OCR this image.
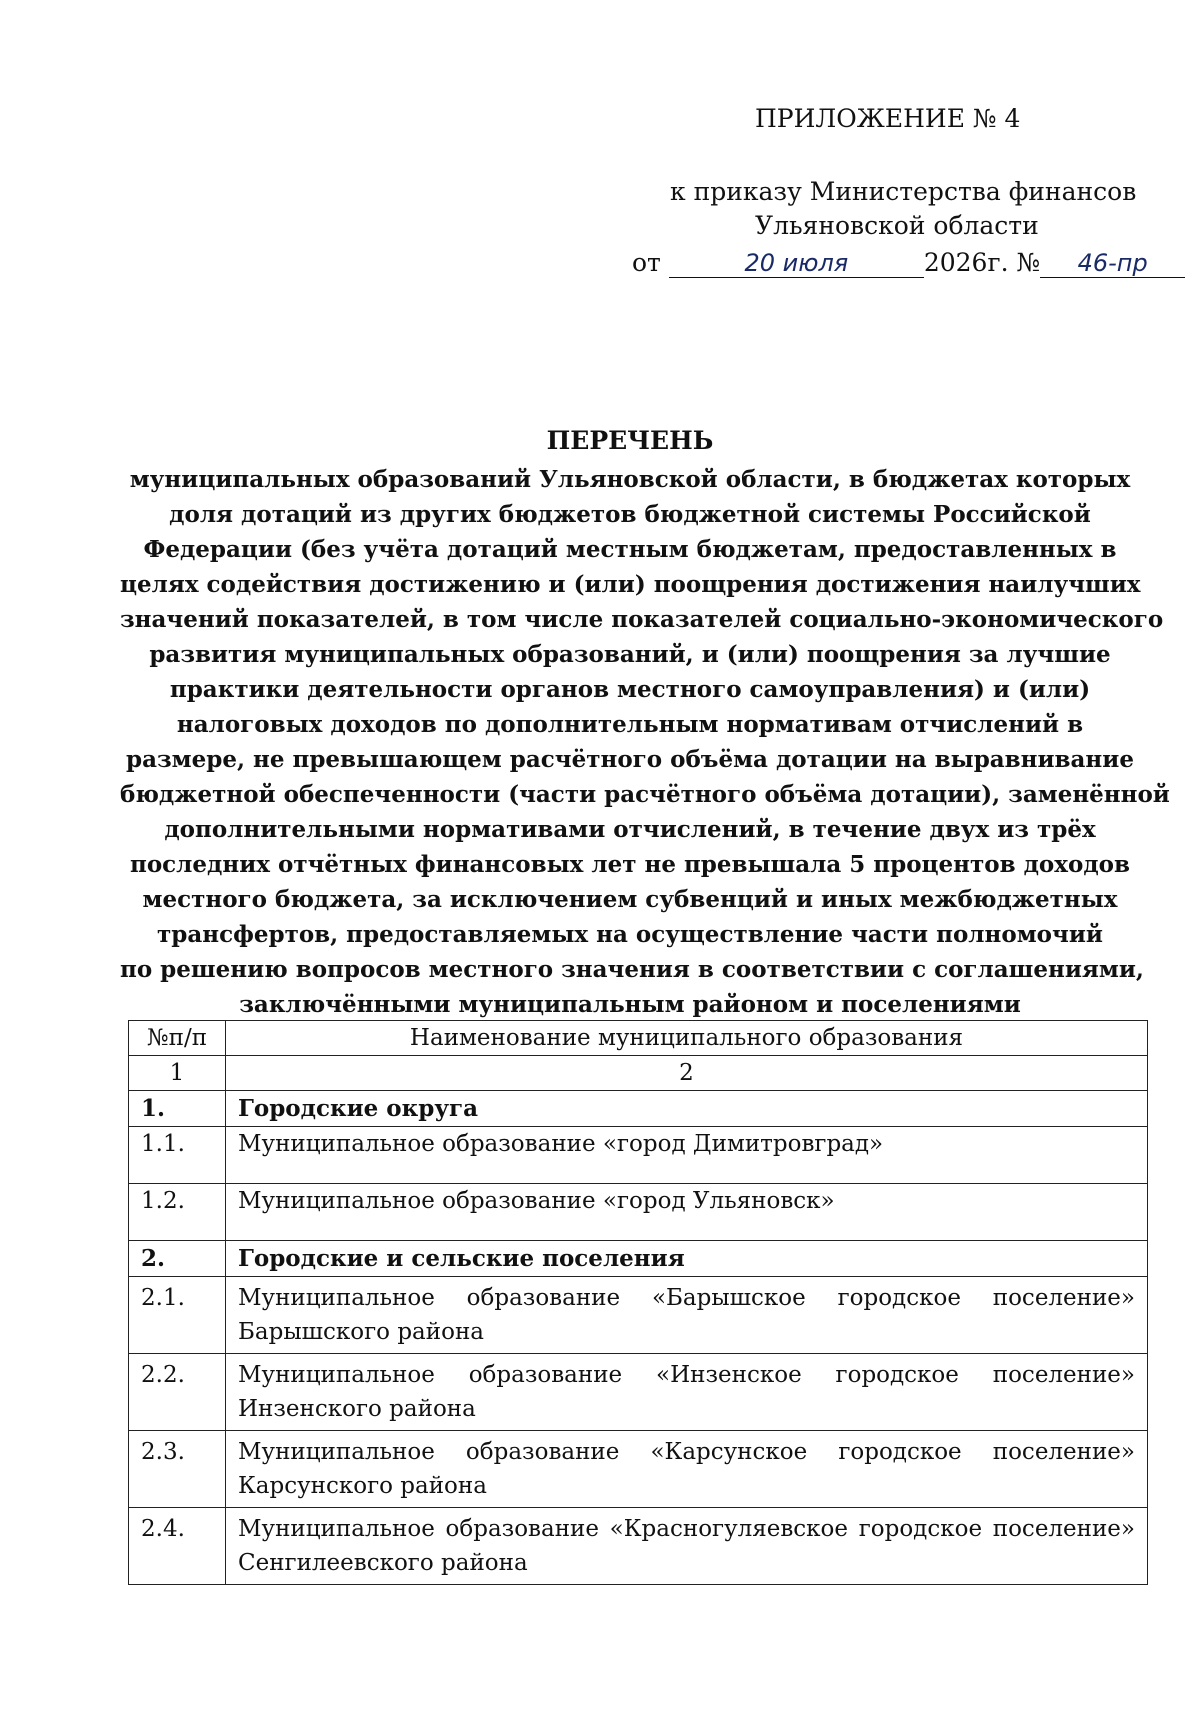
ПРИЛОЖЕНИЕ № 4
к приказу Министерства финансов
Ульяновской области
от	20 июля	2026г. № 46-пр
ПЕРЕЧЕНЬ
муниципальных образований Ульяновской области, в бюджетах которых
доля дотаций из других бюджетов бюджетной системы Российской
Федерации (без учёта дотаций местным бюджетам, предоставленных в
целях содействия достижению и (или) поощрения достижения наилучших
значений показателей, в том числе показателей социально-экономического
развития муниципальных образований, и (или) поощрения за лучшие
практики деятельности органов местного самоуправления) и (или)
налоговых доходов по дополнительным нормативам отчислений в
размере, не превышающем расчётного объёма дотации на выравнивание
бюджетной обеспеченности (части расчётного объёма дотации), заменённой
дополнительными нормативами отчислений, в течение двух из трёх
последних отчётных финансовых лет не превышала 5 процентов доходов
местного бюджета, за исключением субвенций и иных межбюджетных
трансфертов, предоставляемых на осуществление части полномочий
по решению вопросов местного значения в соответствии с соглашениями,
заключёнными муниципальным районом и поселениями
№п/п	Наименование муниципального образования
1	2
1.	Городские округа
1.1.	Муниципальное образование «город Димитровград»
1.2.	Муниципальное образование «город Ульяновск»
2.	Городские и сельские поселения
2.1.	Муниципальное образование «Барышское городское поселение»
Барышского района
2.2.	Муниципальное образование «Инзенское городское поселение»
Инзенского района
2.3.	Муниципальное образование «Карсунское городское поселение»
Карсунского района
2.4.	Муниципальное образование «Красногуляевское городское поселение»
Сенгилеевского района
